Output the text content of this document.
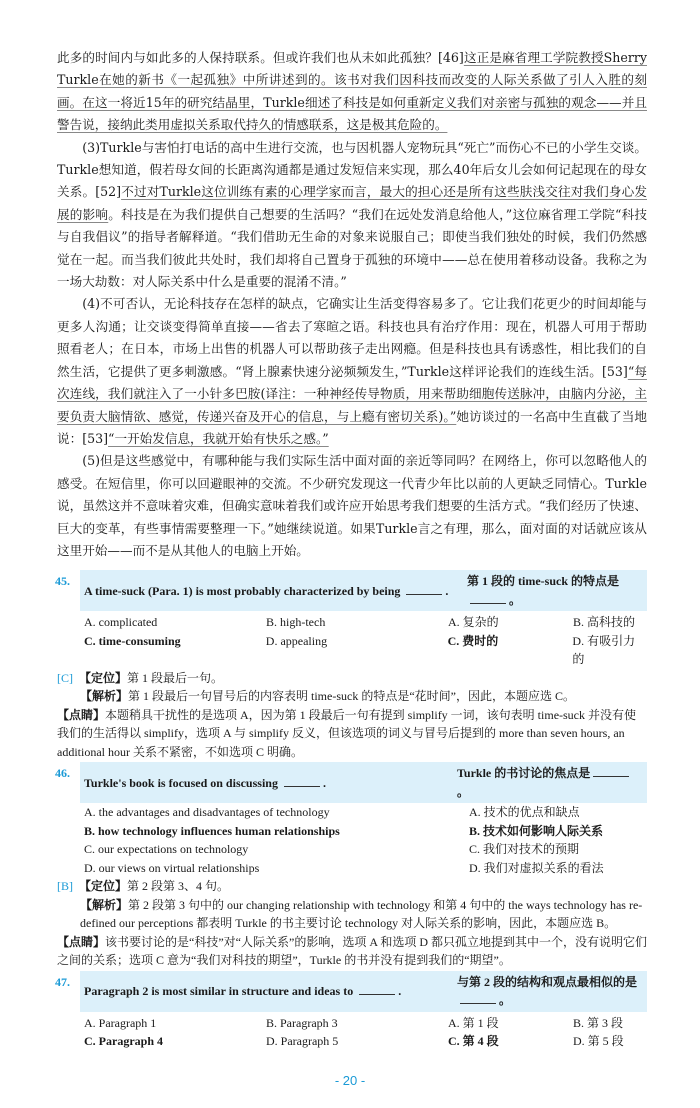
此多的时间内与如此多的人保持联系。但或许我们也从未如此孤独？[46]这正是麻省理工学院教授Sherry Turkle在她的新书《一起孤独》中所讲述到的。该书对我们因科技而改变的人际关系做了引人入胜的刻画。在这一将近15年的研究结晶里，Turkle细述了科技是如何重新定义我们对亲密与孤独的观念——并且警告说，接纳此类用虚拟关系取代持久的情感联系，这是极其危险的。

(3)Turkle与害怕打电话的高中生进行交流，也与因机器人宠物玩具“死亡”而伤心不已的小学生交谈。Turkle想知道，假若母女间的长距离沟通都是通过发短信来实现，那么40年后女儿会如何记起现在的母女关系。[52]不过对Turkle这位训练有素的心理学家而言，最大的担心还是所有这些肤浅交往对我们身心发展的影响。科技是在为我们提供自己想要的生活吗？“我们在远处发消息给他人，”这位麻省理工学院“科技与自我倡议”的指导者解释道。“我们借助无生命的对象来说服自己；即使当我们独处的时候，我们仍然感觉在一起。而当我们彼此共处时，我们却将自己置身于孤独的环境中——总在使用着移动设备。我称之为一场大劫数：对人际关系中什么是重要的混淆不清。”

(4)不可否认，无论科技存在怎样的缺点，它确实让生活变得容易多了。它让我们花更少的时间却能与更多人沟通；让交谈变得简单直接——省去了寒暄之语。科技也具有治疗作用：现在，机器人可用于帮助照看老人；在日本，市场上出售的机器人可以帮助孩子走出网瘾。但是科技也具有诱惑性，相比我们的自然生活，它提供了更多刺激感。“肾上腺素快速分泌频频发生，”Turkle这样评论我们的连线生活。[53]“每次连线，我们就注入了一小针多巴胺(译注：一种神经传导物质，用来帮助细胞传送脉冲，由脑内分泌，主要负责大脑情欲、感觉，传递兴奋及开心的信息，与上瘾有密切关系)。”她访谈过的一名高中生直截了当地说：[53]“一开始发信息，我就开始有快乐之感。”

(5)但是这些感觉中，有哪种能与我们实际生活中面对面的亲近等同吗？在网络上，你可以忽略他人的感受。在短信里，你可以回避眼神的交流。不少研究发现这一代青少年比以前的人更缺乏同情心。Turkle说，虽然这并不意味着灾难，但确实意味着我们或许应开始思考我们想要的生活方式。“我们经历了快速、巨大的变革，有些事情需要整理一下。”她继续说道。如果Turkle言之有理，那么，面对面的对话就应该从这里开始——而不是从其他人的电脑上开始。

45.
A time-suck (Para. 1) is most probably characterized by being	.
第 1 段的 time-suck 的特点是。
A. complicated	B. high-tech	A. 复杂的	B. 高科技的
C. time-consuming	D. appealing	C. 费时的	D. 有吸引力的

[C] 【定位】第 1 段最后一句。

【解析】第 1 段最后一句冒号后的内容表明 time-suck 的特点是“花时间”，因此，本题应选 C。

【点睛】本题稍具干扰性的是选项 A，因为第 1 段最后一句有提到 simplify 一词，该句表明 time-suck 并没有使我们的生活得以 simplify，选项 A 与 simplify 反义，但该选项的词义与冒号后提到的 more than seven hours, an additional hour 关系不紧密，不如选项 C 明确。

46.
Turkle's book is focused on discussing	.
Turkle 的书讨论的焦点是。
A. the advantages and disadvantages of technology	A. 技术的优点和缺点
B. how technology influences human relationships	B. 技术如何影响人际关系
C. our expectations on technology	C. 我们对技术的预期
D. our views on virtual relationships	D. 我们对虚拟关系的看法

[B] 【定位】第 2 段第 3、4 句。

【解析】第 2 段第 3 句中的 our changing relationship with technology 和第 4 句中的 the ways technology has re-defined our perceptions 都表明 Turkle 的书主要讨论 technology 对人际关系的影响，因此，本题应选 B。

【点睛】该书要讨论的是“科技”对“人际关系”的影响，选项 A 和选项 D 都只孤立地提到其中一个，没有说明它们之间的关系；选项 C 意为“我们对科技的期望”，Turkle 的书并没有提到我们的“期望”。

47.
Paragraph 2 is most similar in structure and ideas to	.
与第 2 段的结构和观点最相似的是。
A. Paragraph 1	B. Paragraph 3	A. 第 1 段	B. 第 3 段
C. Paragraph 4	D. Paragraph 5	C. 第 4 段	D. 第 5 段
- 20 -
